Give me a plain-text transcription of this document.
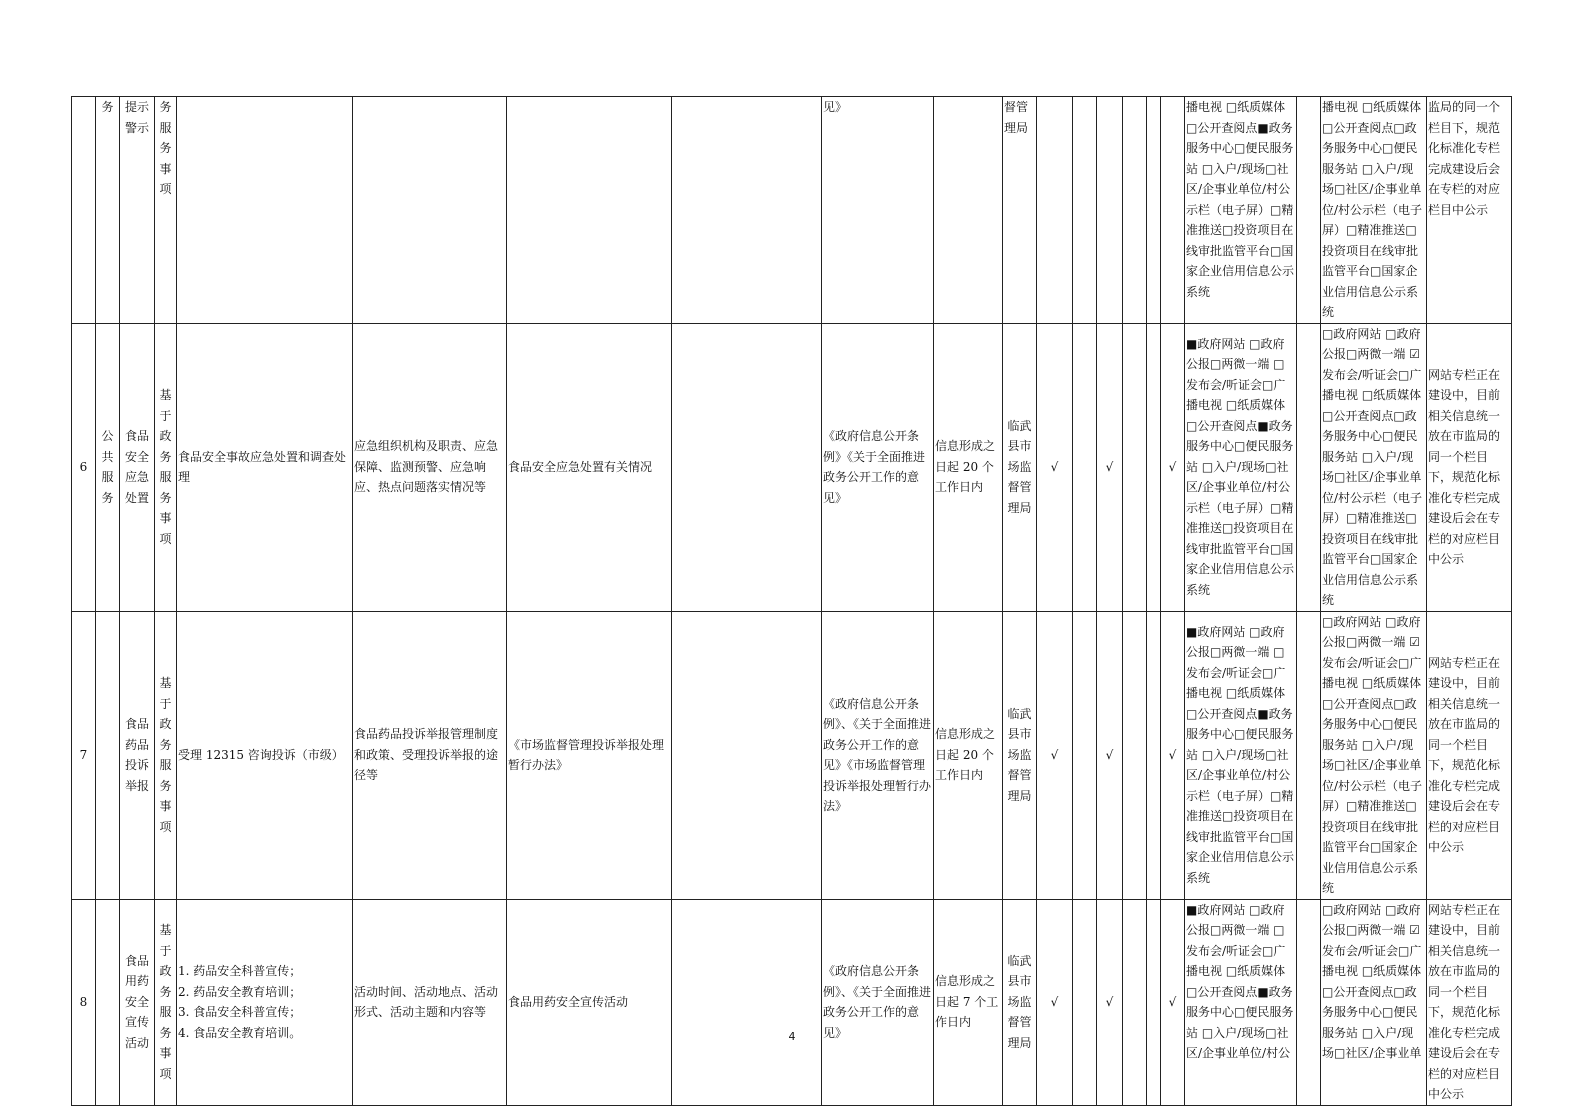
	务	提示警示	务服务事项					见》		督管理局							播电视 □纸质媒体□公开查阅点■政务服务中心□便民服务站 □入户/现场□社区/企事业单位/村公示栏（电子屏）□精准推送□投资项目在线审批监管平台□国家企业信用信息公示系统		播电视 □纸质媒体□公开查阅点□政务服务中心□便民服务站 □入户/现场□社区/企事业单位/村公示栏（电子屏）□精准推送□投资项目在线审批监管平台□国家企业信用信息公示系统	监局的同一个栏目下，规范化标准化专栏完成建设后会在专栏的对应栏目中公示
6	公共服务	食品安全应急处置	基于政务服务事项	食品安全事故应急处置和调查处理	应急组织机构及职责、应急保障、监测预警、应急响应、热点问题落实情况等	食品安全应急处置有关情况		《政府信息公开条例》《关于全面推进政务公开工作的意见》	信息形成之日起 20 个工作日内	临武县市场监督管理局	√		√			√	■政府网站 □政府公报□两微一端 □发布会/听证会□广播电视 □纸质媒体□公开查阅点■政务服务中心□便民服务站 □入户/现场□社区/企事业单位/村公示栏（电子屏）□精准推送□投资项目在线审批监管平台□国家企业信用信息公示系统		□政府网站 □政府公报□两微一端 ☑发布会/听证会□广播电视 □纸质媒体□公开查阅点□政务服务中心□便民服务站 □入户/现场□社区/企事业单位/村公示栏（电子屏）□精准推送□投资项目在线审批监管平台□国家企业信用信息公示系统	网站专栏正在建设中，目前相关信息统一放在市监局的同一个栏目下，规范化标准化专栏完成建设后会在专栏的对应栏目中公示
7		食品药品投诉举报	基于政务服务事项	受理 12315 咨询投诉（市级）	食品药品投诉举报管理制度和政策、受理投诉举报的途径等	《市场监督管理投诉举报处理暂行办法》		《政府信息公开条例》、《关于全面推进政务公开工作的意见》《市场监督管理投诉举报处理暂行办法》	信息形成之日起 20 个工作日内	临武县市场监督管理局	√		√			√	■政府网站 □政府公报□两微一端 □发布会/听证会□广播电视 □纸质媒体□公开查阅点■政务服务中心□便民服务站 □入户/现场□社区/企事业单位/村公示栏（电子屏）□精准推送□投资项目在线审批监管平台□国家企业信用信息公示系统		□政府网站 □政府公报□两微一端 ☑发布会/听证会□广播电视 □纸质媒体□公开查阅点□政务服务中心□便民服务站 □入户/现场□社区/企事业单位/村公示栏（电子屏）□精准推送□投资项目在线审批监管平台□国家企业信用信息公示系统	网站专栏正在建设中，目前相关信息统一放在市监局的同一个栏目下，规范化标准化专栏完成建设后会在专栏的对应栏目中公示
8		食品用药安全宣传活动	基于政务服务事项	1. 药品安全科普宣传；
2. 药品安全教育培训；
3. 食品安全科普宣传；
4. 食品安全教育培训。	活动时间、活动地点、活动形式、活动主题和内容等	食品用药安全宣传活动		《政府信息公开条例》、《关于全面推进政务公开工作的意见》	信息形成之日起 7 个工作日内	临武县市场监督管理局	√		√			√	■政府网站 □政府公报□两微一端 □发布会/听证会□广播电视 □纸质媒体□公开查阅点■政务服务中心□便民服务站 □入户/现场□社区/企事业单位/村公		□政府网站 □政府公报□两微一端 ☑发布会/听证会□广播电视 □纸质媒体□公开查阅点□政务服务中心□便民服务站 □入户/现场□社区/企事业单	网站专栏正在建设中，目前相关信息统一放在市监局的同一个栏目下，规范化标准化专栏完成建设后会在专栏的对应栏目中公示
4
